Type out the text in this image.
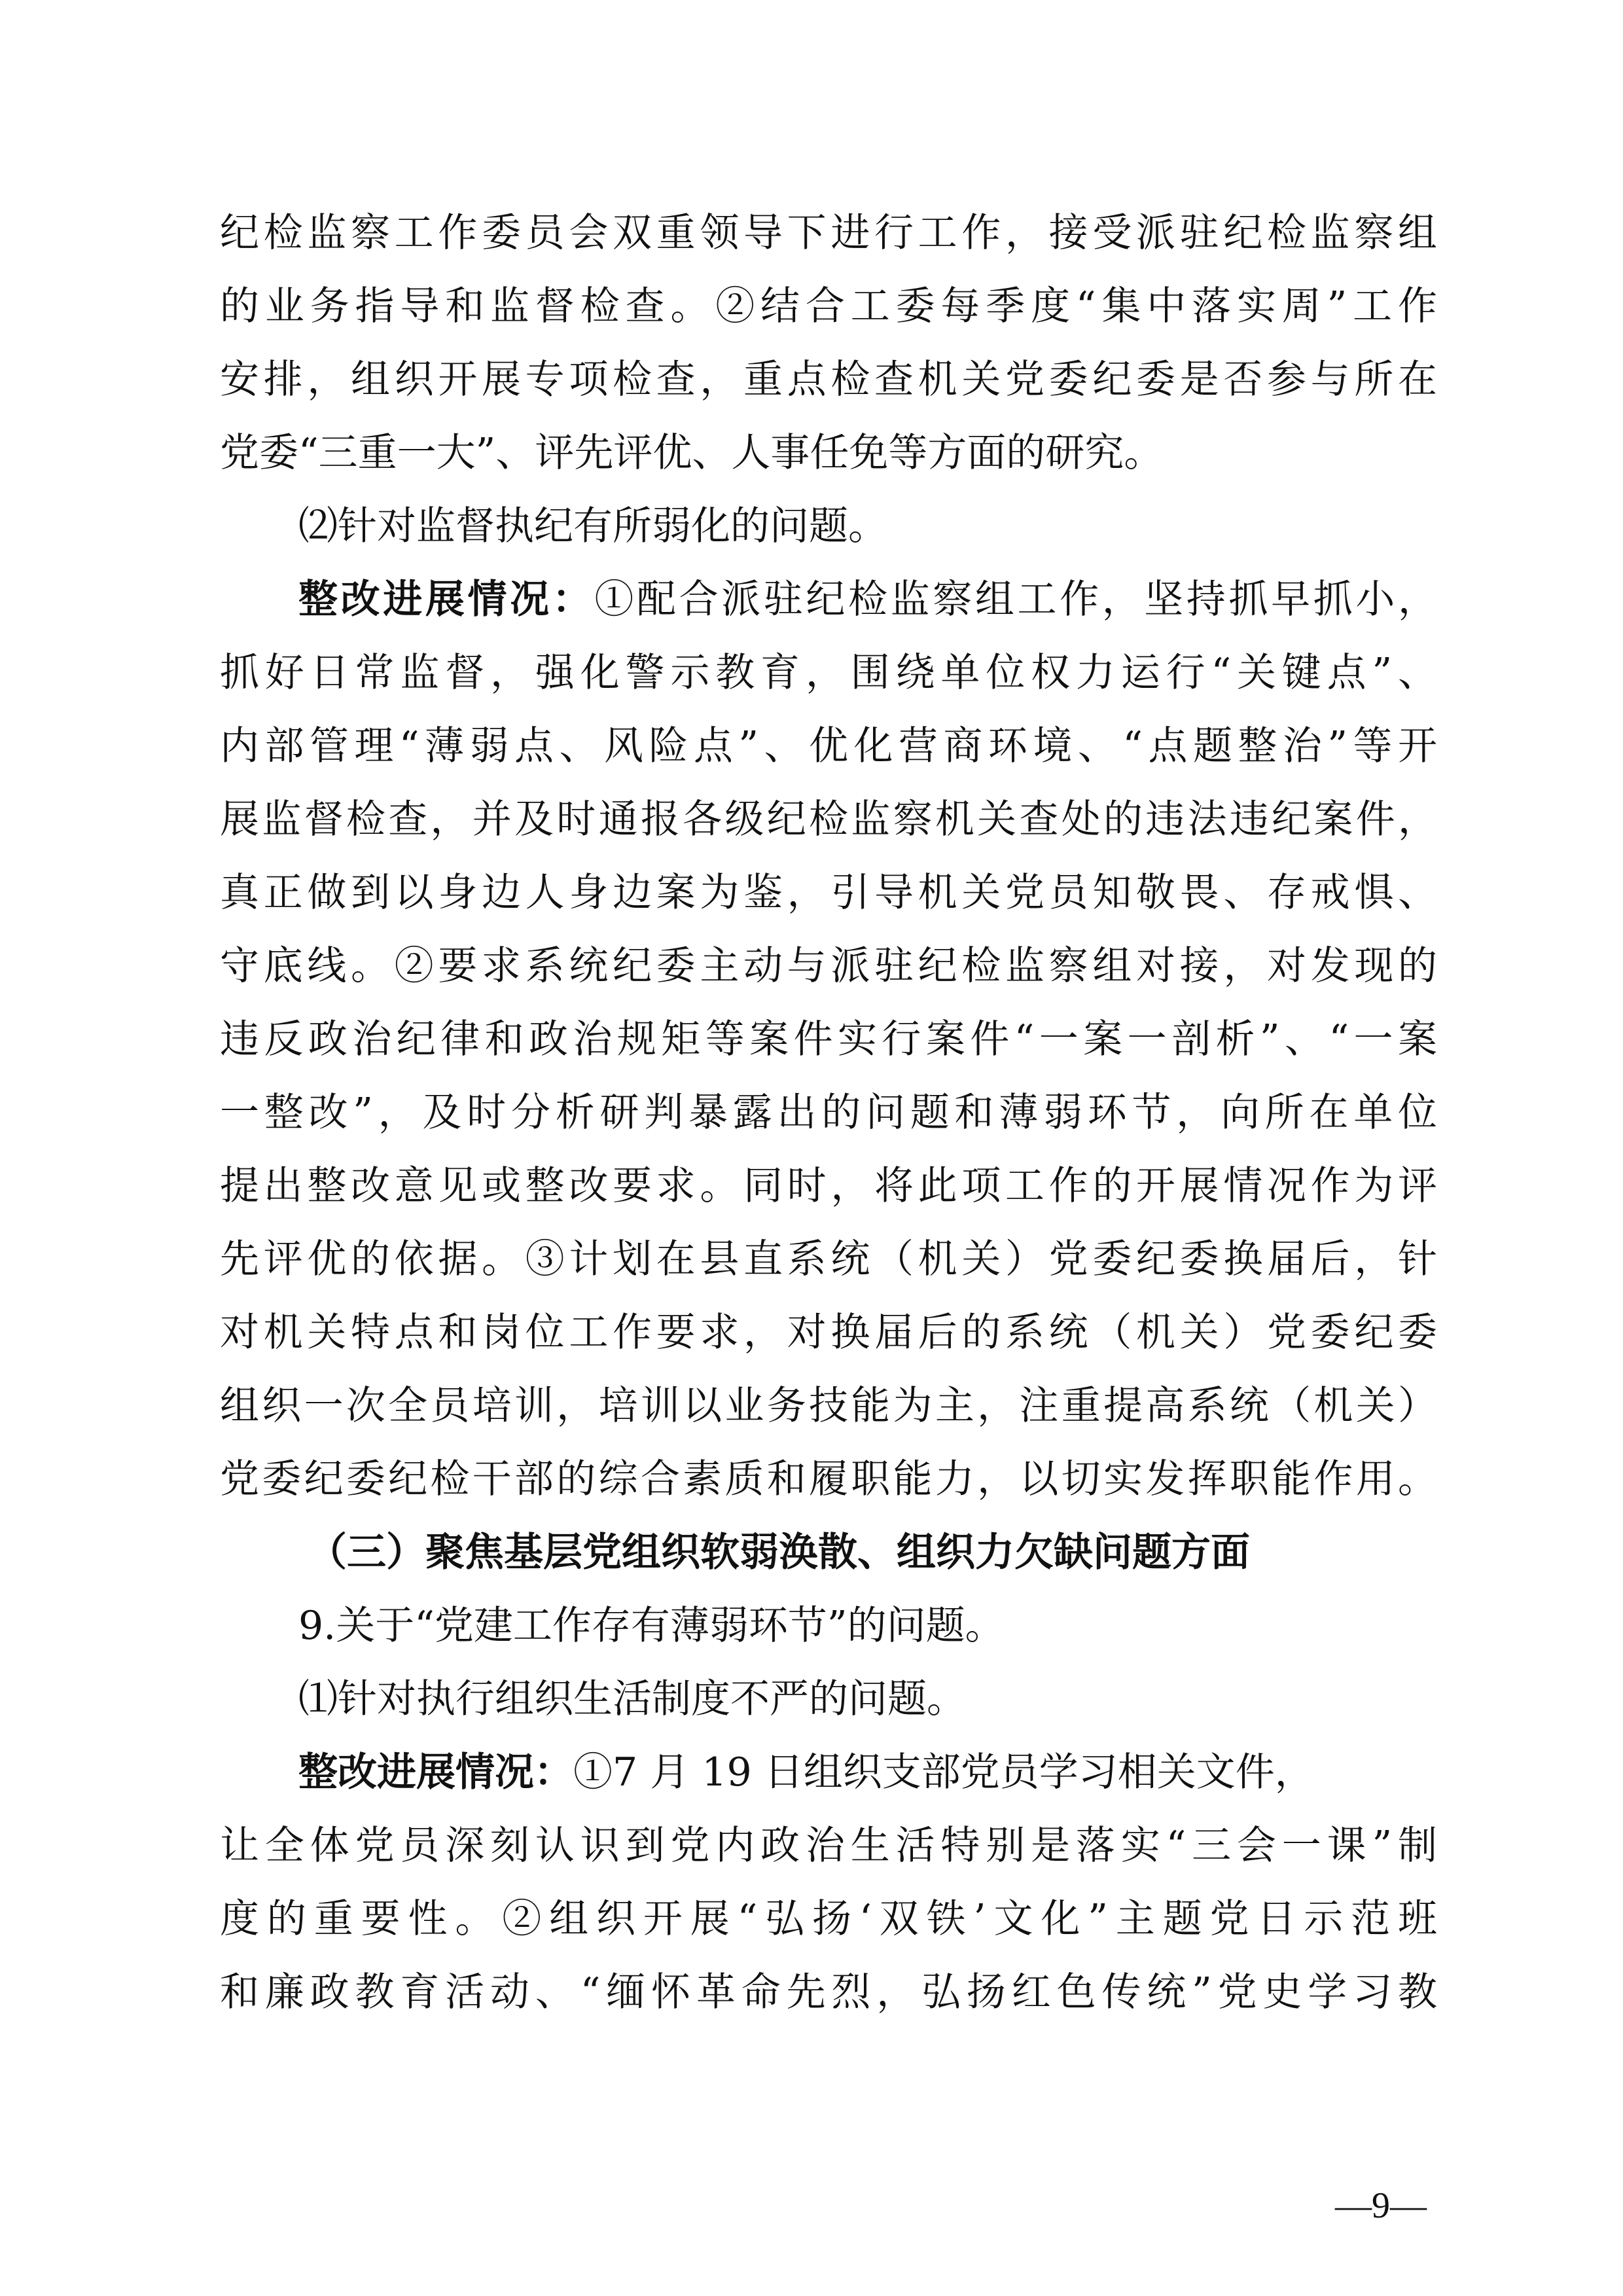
纪检监察工作委员会双重领导下进行工作，接受派驻纪检监察组
的业务指导和监督检查。②结合工委每季度“集中落实周”工作
安排，组织开展专项检查，重点检查机关党委纪委是否参与所在
党委“三重一大”、评先评优、人事任免等方面的研究。
⑵针对监督执纪有所弱化的问题。
整改进展情况：①配合派驻纪检监察组工作，坚持抓早抓小，
抓好日常监督，强化警示教育，围绕单位权力运行“关键点”、
内部管理“薄弱点、风险点”、优化营商环境、“点题整治”等开
展监督检查，并及时通报各级纪检监察机关查处的违法违纪案件，
真正做到以身边人身边案为鉴，引导机关党员知敬畏、存戒惧、
守底线。②要求系统纪委主动与派驻纪检监察组对接，对发现的
违反政治纪律和政治规矩等案件实行案件“一案一剖析”、“一案
一整改”，及时分析研判暴露出的问题和薄弱环节，向所在单位
提出整改意见或整改要求。同时，将此项工作的开展情况作为评
先评优的依据。③计划在县直系统（机关）党委纪委换届后，针
对机关特点和岗位工作要求，对换届后的系统（机关）党委纪委
组织一次全员培训，培训以业务技能为主，注重提高系统（机关）
党委纪委纪检干部的综合素质和履职能力，以切实发挥职能作用。
（三）聚焦基层党组织软弱涣散、组织力欠缺问题方面
9.关于“党建工作存有薄弱环节”的问题。
⑴针对执行组织生活制度不严的问题。
整改进展情况：①7 月 19 日组织支部党员学习相关文件，
让全体党员深刻认识到党内政治生活特别是落实“三会一课”制
度的重要性。②组织开展“弘扬‘双铁’文化”主题党日示范班
和廉政教育活动、“缅怀革命先烈，弘扬红色传统”党史学习教
—9—
